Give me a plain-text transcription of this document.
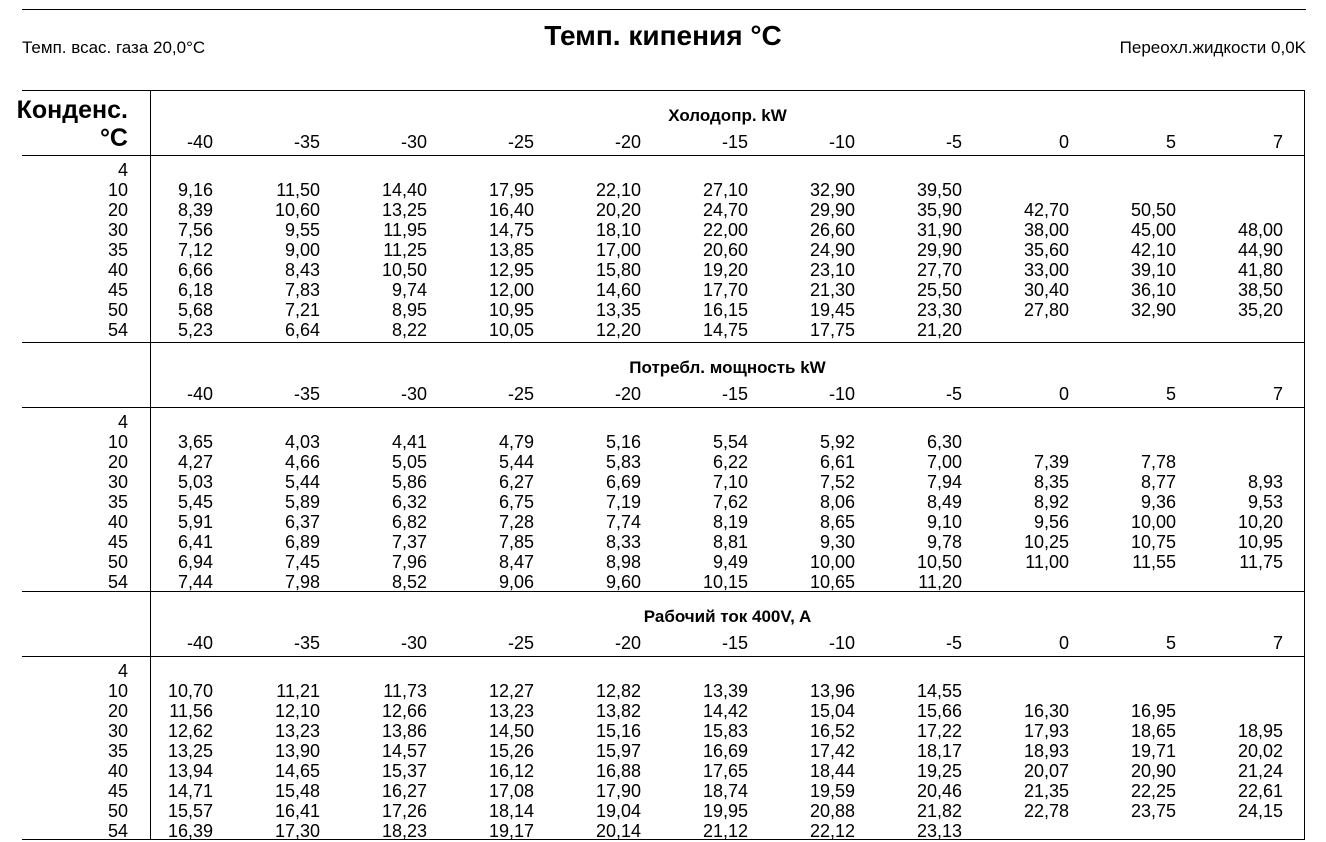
Темп. всас. газа 20,0°C	Темп. кипения °C	Переохл.жидкости 0,0K
Конденс.
°C
Холодопр. kW
-40	-35	-30	-25	-20	-15	-10	-5	0	5	7
4
10	9,16	11,50	14,40	17,95	22,10	27,10	32,90	39,50
20	8,39	10,60	13,25	16,40	20,20	24,70	29,90	35,90	42,70	50,50
30	7,56	9,55	11,95	14,75	18,10	22,00	26,60	31,90	38,00	45,00	48,00
35	7,12	9,00	11,25	13,85	17,00	20,60	24,90	29,90	35,60	42,10	44,90
40	6,66	8,43	10,50	12,95	15,80	19,20	23,10	27,70	33,00	39,10	41,80
45	6,18	7,83	9,74	12,00	14,60	17,70	21,30	25,50	30,40	36,10	38,50
50	5,68	7,21	8,95	10,95	13,35	16,15	19,45	23,30	27,80	32,90	35,20
54	5,23	6,64	8,22	10,05	12,20	14,75	17,75	21,20
Потребл. мощность kW
-40	-35	-30	-25	-20	-15	-10	-5	0	5	7
4
10	3,65	4,03	4,41	4,79	5,16	5,54	5,92	6,30
20	4,27	4,66	5,05	5,44	5,83	6,22	6,61	7,00	7,39	7,78
30	5,03	5,44	5,86	6,27	6,69	7,10	7,52	7,94	8,35	8,77	8,93
35	5,45	5,89	6,32	6,75	7,19	7,62	8,06	8,49	8,92	9,36	9,53
40	5,91	6,37	6,82	7,28	7,74	8,19	8,65	9,10	9,56	10,00	10,20
45	6,41	6,89	7,37	7,85	8,33	8,81	9,30	9,78	10,25	10,75	10,95
50	6,94	7,45	7,96	8,47	8,98	9,49	10,00	10,50	11,00	11,55	11,75
54	7,44	7,98	8,52	9,06	9,60	10,15	10,65	11,20
Рабочий ток 400V, A
-40	-35	-30	-25	-20	-15	-10	-5	0	5	7
4
10	10,70	11,21	11,73	12,27	12,82	13,39	13,96	14,55
20	11,56	12,10	12,66	13,23	13,82	14,42	15,04	15,66	16,30	16,95
30	12,62	13,23	13,86	14,50	15,16	15,83	16,52	17,22	17,93	18,65	18,95
35	13,25	13,90	14,57	15,26	15,97	16,69	17,42	18,17	18,93	19,71	20,02
40	13,94	14,65	15,37	16,12	16,88	17,65	18,44	19,25	20,07	20,90	21,24
45	14,71	15,48	16,27	17,08	17,90	18,74	19,59	20,46	21,35	22,25	22,61
50	15,57	16,41	17,26	18,14	19,04	19,95	20,88	21,82	22,78	23,75	24,15
54	16,39	17,30	18,23	19,17	20,14	21,12	22,12	23,13
